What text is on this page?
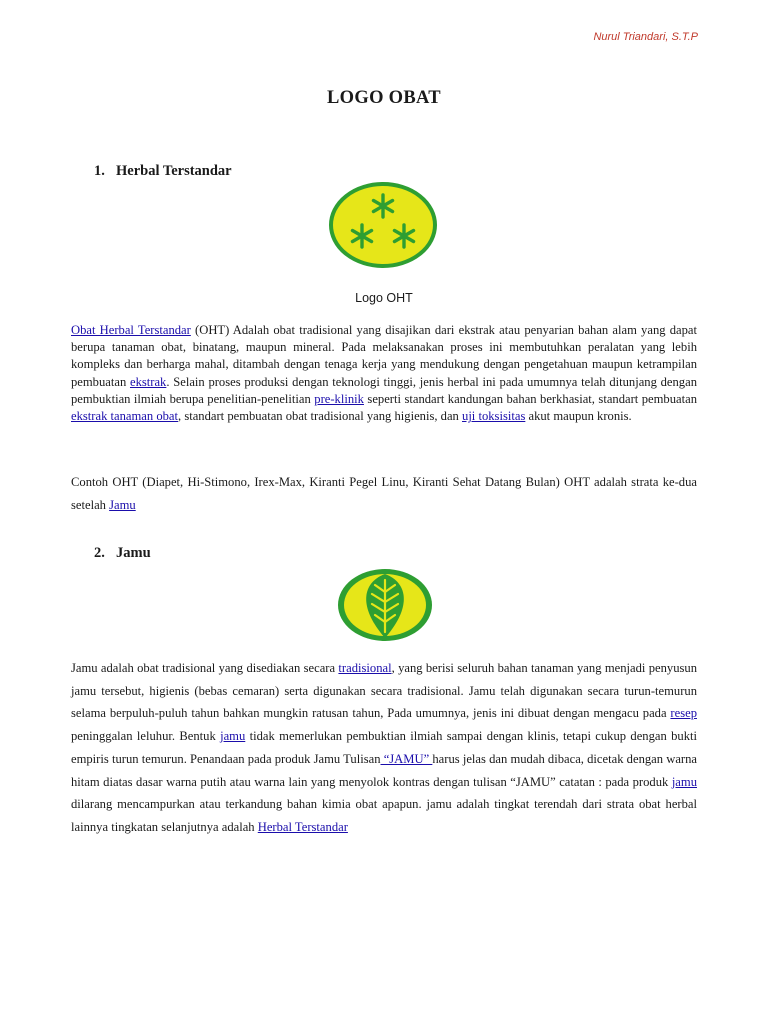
Nurul Triandari, S.T.P
LOGO OBAT
1. Herbal Terstandar
Logo OHT

Obat Herbal Terstandar (OHT) Adalah obat tradisional yang disajikan dari ekstrak atau penyarian bahan alam yang dapat berupa tanaman obat, binatang, maupun mineral. Pada melaksanakan proses ini membutuhkan peralatan yang lebih kompleks dan berharga mahal, ditambah dengan tenaga kerja yang mendukung dengan pengetahuan maupun ketrampilan pembuatan ekstrak. Selain proses produksi dengan teknologi tinggi, jenis herbal ini pada umumnya telah ditunjang dengan pembuktian ilmiah berupa penelitian-penelitian pre-klinik seperti standart kandungan bahan berkhasiat, standart pembuatan ekstrak tanaman obat, standart pembuatan obat tradisional yang higienis, dan uji toksisitas akut maupun kronis.

Contoh OHT (Diapet, Hi-Stimono, Irex-Max, Kiranti Pegel Linu, Kiranti Sehat Datang Bulan) OHT adalah strata ke-dua setelah Jamu

2. Jamu

Jamu adalah obat tradisional yang disediakan secara tradisional, yang berisi seluruh bahan tanaman yang menjadi penyusun jamu tersebut, higienis (bebas cemaran) serta digunakan secara tradisional. Jamu telah digunakan secara turun-temurun selama berpuluh-puluh tahun bahkan mungkin ratusan tahun, Pada umumnya, jenis ini dibuat dengan mengacu pada resep peninggalan leluhur. Bentuk jamu tidak memerlukan pembuktian ilmiah sampai dengan klinis, tetapi cukup dengan bukti empiris turun temurun. Penandaan pada produk Jamu Tulisan “JAMU” harus jelas dan mudah dibaca, dicetak dengan warna hitam diatas dasar warna putih atau warna lain yang menyolok kontras dengan tulisan “JAMU” catatan : pada produk jamu dilarang mencampurkan atau terkandung bahan kimia obat apapun. jamu adalah tingkat terendah dari strata obat herbal lainnya tingkatan selanjutnya adalah Herbal Terstandar
